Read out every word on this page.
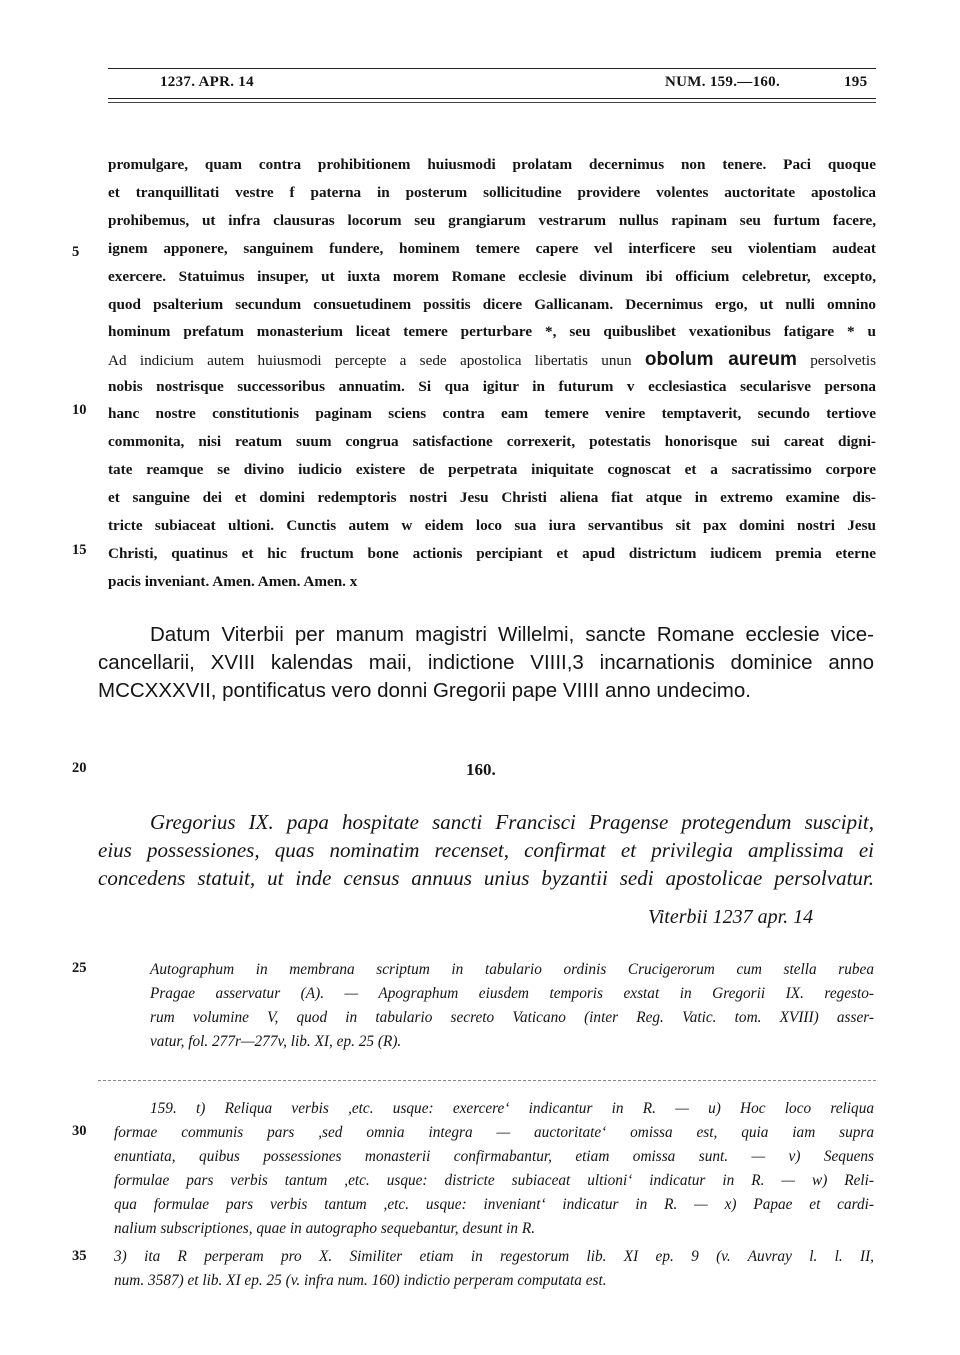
1237. APR. 14	NUM. 159.—160.	195
5
10
15
20
25
30
35
promulgare, quam contra prohibitionem huiusmodi prolatam decernimus non tenere. Paci quoque
et tranquillitati vestre f paterna in posterum sollicitudine providere volentes auctoritate apostolica
prohibemus, ut infra clausuras locorum seu grangiarum vestrarum nullus rapinam seu furtum facere,
ignem apponere, sanguinem fundere, hominem temere capere vel interficere seu violentiam audeat
exercere. Statuimus insuper, ut iuxta morem Romane ecclesie divinum ibi officium celebretur, excepto,
quod psalterium secundum consuetudinem possitis dicere Gallicanam. Decernimus ergo, ut nulli omnino
hominum prefatum monasterium liceat temere perturbare *, seu quibuslibet vexationibus fatigare * u
Ad indicium autem huiusmodi percepte a sede apostolica libertatis unun obolum aureum persolvetis
nobis nostrisque successoribus annuatim. Si qua igitur in futurum v ecclesiastica secularisve persona
hanc nostre constitutionis paginam sciens contra eam temere venire temptaverit, secundo tertiove
commonita, nisi reatum suum congrua satisfactione correxerit, potestatis honorisque sui careat digni-
tate reamque se divino iudicio existere de perpetrata iniquitate cognoscat et a sacratissimo corpore
et sanguine dei et domini redemptoris nostri Jesu Christi aliena fiat atque in extremo examine dis-
tricte subiaceat ultioni. Cunctis autem w eidem loco sua iura servantibus sit pax domini nostri Jesu
Christi, quatinus et hic fructum bone actionis percipiant et apud districtum iudicem premia eterne
pacis inveniant. Amen. Amen. Amen. x
Datum Viterbii per manum magistri Willelmi, sancte Romane ecclesie vice-
cancellarii, XVIII kalendas maii, indictione VIIII,3 incarnationis dominice anno
MCCXXXVII, pontificatus vero donni Gregorii pape VIIII anno undecimo.
160.
Gregorius IX. papa hospitate sancti Francisci Pragense protegendum suscipit,
eius possessiones, quas nominatim recenset, confirmat et privilegia amplissima ei
concedens statuit, ut inde census annuus unius byzantii sedi apostolicae persolvatur.
Viterbii 1237 apr. 14
Autographum in membrana scriptum in tabulario ordinis Crucigerorum cum stella rubea
Pragae asservatur (A). — Apographum eiusdem temporis exstat in Gregorii IX. regesto-
rum volumine V, quod in tabulario secreto Vaticano (inter Reg. Vatic. tom. XVIII) asser-
vatur, fol. 277r—277v, lib. XI, ep. 25 (R).
159. t) Reliqua verbis ,etc. usque: exercere‘ indicantur in R. — u) Hoc loco reliqua
formae communis pars ,sed omnia integra — auctoritate‘ omissa est, quia iam supra
enuntiata, quibus possessiones monasterii confirmabantur, etiam omissa sunt. — v) Sequens
formulae pars verbis tantum ,etc. usque: districte subiaceat ultioni‘ indicatur in R. — w) Reli-
qua formulae pars verbis tantum ,etc. usque: inveniant‘ indicatur in R. — x) Papae et cardi-
nalium subscriptiones, quae in autographo sequebantur, desunt in R.
3) ita R perperam pro X. Similiter etiam in regestorum lib. XI ep. 9 (v. Auvray l. l. II,
num. 3587) et lib. XI ep. 25 (v. infra num. 160) indictio perperam computata est.
